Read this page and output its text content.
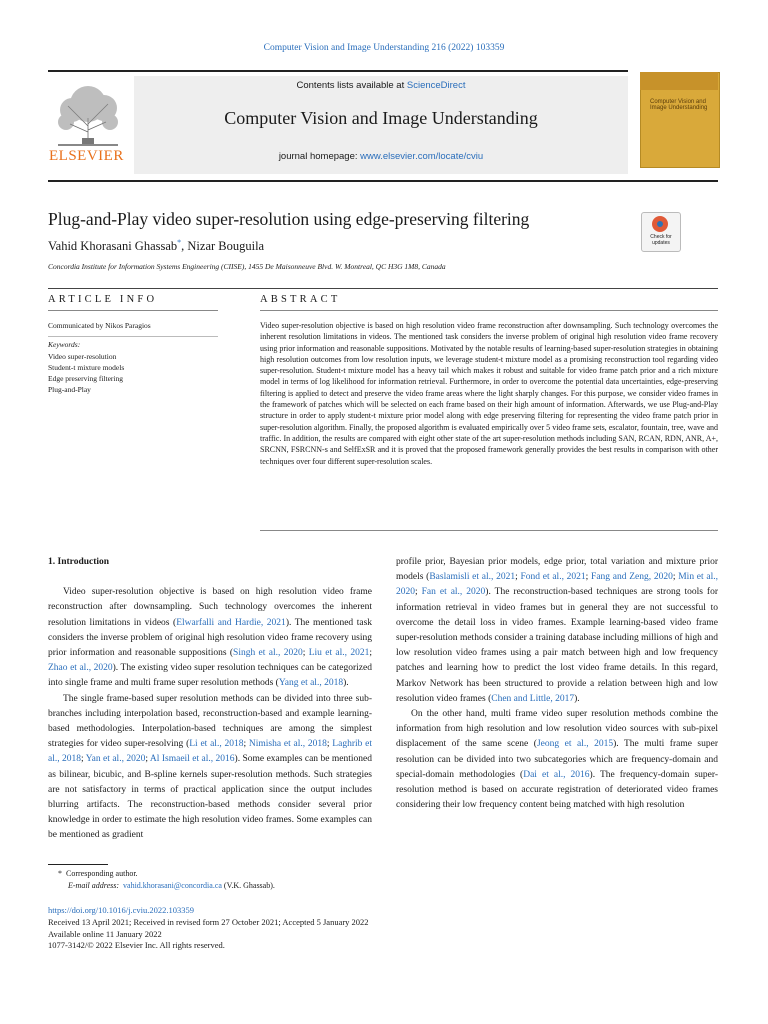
Computer Vision and Image Understanding 216 (2022) 103359
ELSEVIER
Contents lists available at ScienceDirect
Computer Vision and Image Understanding
journal homepage: www.elsevier.com/locate/cviu
Computer Vision and Image Understanding
Plug-and-Play video super-resolution using edge-preserving filtering
Check for updates
Vahid Khorasani Ghassab*, Nizar Bouguila
Concordia Institute for Information Systems Engineering (CIISE), 1455 De Maisonneuve Blvd. W. Montreal, QC H3G 1M8, Canada
ARTICLE INFO	ABSTRACT
Communicated by Nikos Paragios
Keywords:
Video super-resolution
Student-t mixture models
Edge preserving filtering
Plug-and-Play
Video super-resolution objective is based on high resolution video frame reconstruction after downsampling. Such technology overcomes the inherent resolution limitations in videos. The mentioned task considers the inverse problem of original high resolution video frame recovery using prior information and reasonable suppositions. Motivated by the notable results of learning-based super-resolution strategies in obtaining high resolution outcomes from low resolution inputs, we leverage student-t mixture model as a promising reconstruction tool regarding video super-resolution. Student-t mixture model has a heavy tail which makes it robust and suitable for video frame patch prior and a rich mixture model in terms of log likelihood for information retrieval. Furthermore, in order to overcome the potential data uncertainties, edge-preserving filtering is applied to detect and preserve the video frame areas where the light sharply changes. For this purpose, we consider video frames in the framework of patches which will be selected on each frame based on their high amount of information. Afterwards, we use Plug-and-Play structure in order to apply student-t mixture prior model along with edge preserving filtering for representing the video frame patch prior in super-resolution algorithm. Finally, the proposed algorithm is evaluated empirically over 5 video frame sets, escalator, fountain, tree, wave and traffic. In addition, the results are compared with eight other state of the art super-resolution methods including SAN, RCAN, RDN, ANR, A+, SRCNN, FSRCNN-s and SelfExSR and it is proved that the proposed framework generally provides the best results in comparison with other techniques over four different super-resolution scales.
1. Introduction

Video super-resolution objective is based on high resolution video frame reconstruction after downsampling. Such technology overcomes the inherent resolution limitations in videos (Elwarfalli and Hardie, 2021). The mentioned task considers the inverse problem of original high resolution video frame recovery using prior information and reasonable suppositions (Singh et al., 2020; Liu et al., 2021; Zhao et al., 2020). The existing video super resolution techniques can be categorized into single frame and multi frame super resolution methods (Yang et al., 2018).

The single frame-based super resolution methods can be divided into three sub-branches including interpolation based, reconstruction-based and example learning-based methodologies. Interpolation-based techniques are among the simplest strategies for video super-resolving (Li et al., 2018; Nimisha et al., 2018; Laghrib et al., 2018; Yan et al., 2020; Al Ismaeil et al., 2016). Some examples can be mentioned as bilinear, bicubic, and B-spline kernels super-resolution methods. Such strategies are not satisfactory in terms of practical application since the output includes blurring artifacts. The reconstruction-based methods consider several prior knowledge in order to estimate the high resolution video frames. Some examples can be mentioned as gradient

profile prior, Bayesian prior models, edge prior, total variation and mixture prior models (Baslamisli et al., 2021; Fond et al., 2021; Fang and Zeng, 2020; Min et al., 2020; Fan et al., 2020). The reconstruction-based techniques are strong tools for information retrieval in video frames but in general they are not successful to overcome the detail loss in video frames. Example learning-based video frame super-resolution methods consider a training database including millions of high and low resolution video frames using a pair match between high and low frequency patches and learning how to predict the lost video frame details. In this regard, Markov Network has been structured to provide a relation between high and low resolution video frames (Chen and Little, 2017).

On the other hand, multi frame video super resolution methods combine the information from high resolution and low resolution video sources with sub-pixel displacement of the same scene (Jeong et al., 2015). The multi frame super resolution can be divided into two subcategories which are frequency-domain and special-domain methodologies (Dai et al., 2016). The frequency-domain super-resolution method is based on accurate registration of deteriorated video frames considering their low frequency content being matched with high resolution

* Corresponding author.
E-mail address: vahid.khorasani@concordia.ca (V.K. Ghassab).
https://doi.org/10.1016/j.cviu.2022.103359
Received 13 April 2021; Received in revised form 27 October 2021; Accepted 5 January 2022
Available online 11 January 2022
1077-3142/© 2022 Elsevier Inc. All rights reserved.
